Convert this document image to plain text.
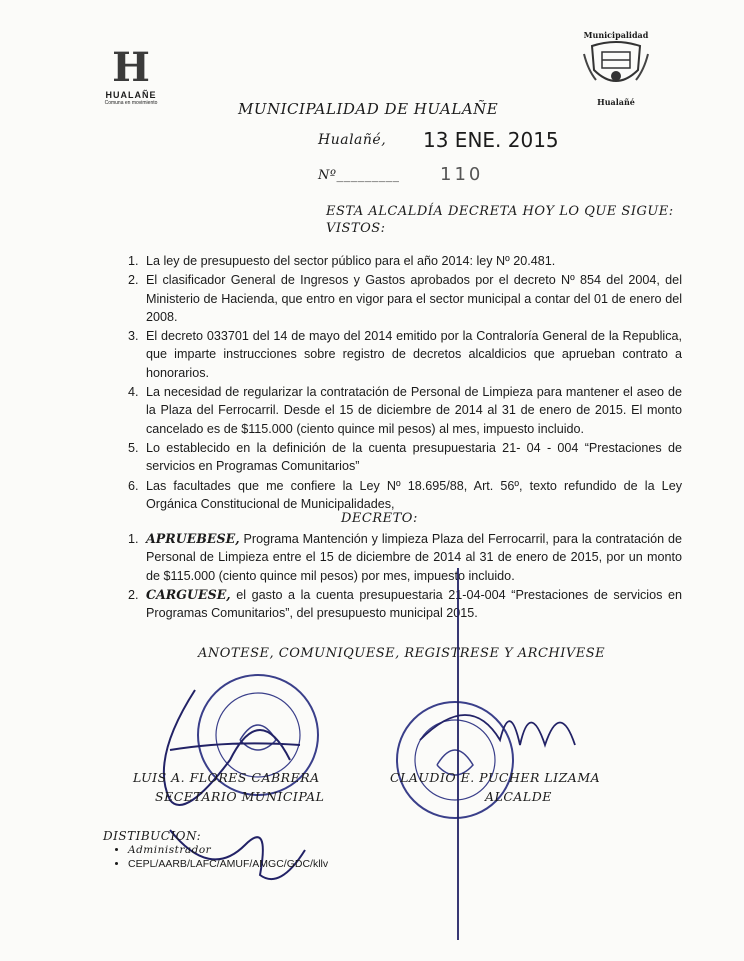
H
HUALAÑE
Comuna en movimiento
Municipalidad
Hualañé
MUNICIPALIDAD DE HUALAÑE
Hualañé, 13 ENE. 2015
Nº_________ 110
ESTA ALCALDÍA DECRETA HOY LO QUE SIGUE:
VISTOS:
1. La ley de presupuesto del sector público para el año 2014: ley Nº 20.481.
2. El clasificador General de Ingresos y Gastos aprobados por el decreto Nº 854 del 2004, del Ministerio de Hacienda, que entro en vigor para el sector municipal a contar del 01 de enero del 2008.
3. El decreto 033701 del 14 de mayo del 2014 emitido por la Contraloría General de la Republica, que imparte instrucciones sobre registro de decretos alcaldicios que aprueban contrato a honorarios.
4. La necesidad de regularizar la contratación de Personal de Limpieza para mantener el aseo de la Plaza del Ferrocarril. Desde el 15 de diciembre de 2014 al 31 de enero de 2015. El monto cancelado es de $115.000 (ciento quince mil pesos) al mes, impuesto incluido.
5. Lo establecido en la definición de la cuenta presupuestaria 21- 04 - 004 “Prestaciones de servicios en Programas Comunitarios”
6. Las facultades que me confiere la Ley Nº 18.695/88, Art. 56º, texto refundido de la Ley Orgánica Constitucional de Municipalidades,
DECRETO:
1. APRUEBESE, Programa Mantención y limpieza Plaza del Ferrocarril, para la contratación de Personal de Limpieza entre el 15 de diciembre de 2014 al 31 de enero de 2015, por un monto de $115.000 (ciento quince mil pesos) por mes, impuesto incluido.
2. CARGUESE, el gasto a la cuenta presupuestaria 21-04-004 “Prestaciones de servicios en Programas Comunitarios”, del presupuesto municipal 2015.
ANOTESE, COMUNIQUESE, REGISTRESE Y ARCHIVESE
LUIS A. FLORES CABRERA
SECETARIO MUNICIPAL
CLAUDIO E. PUCHER LIZAMA
ALCALDE
DISTIBUCION:
• Administrador
• CEPL/AARB/LAFC/AMUF/AMGC/GDC/kllv
